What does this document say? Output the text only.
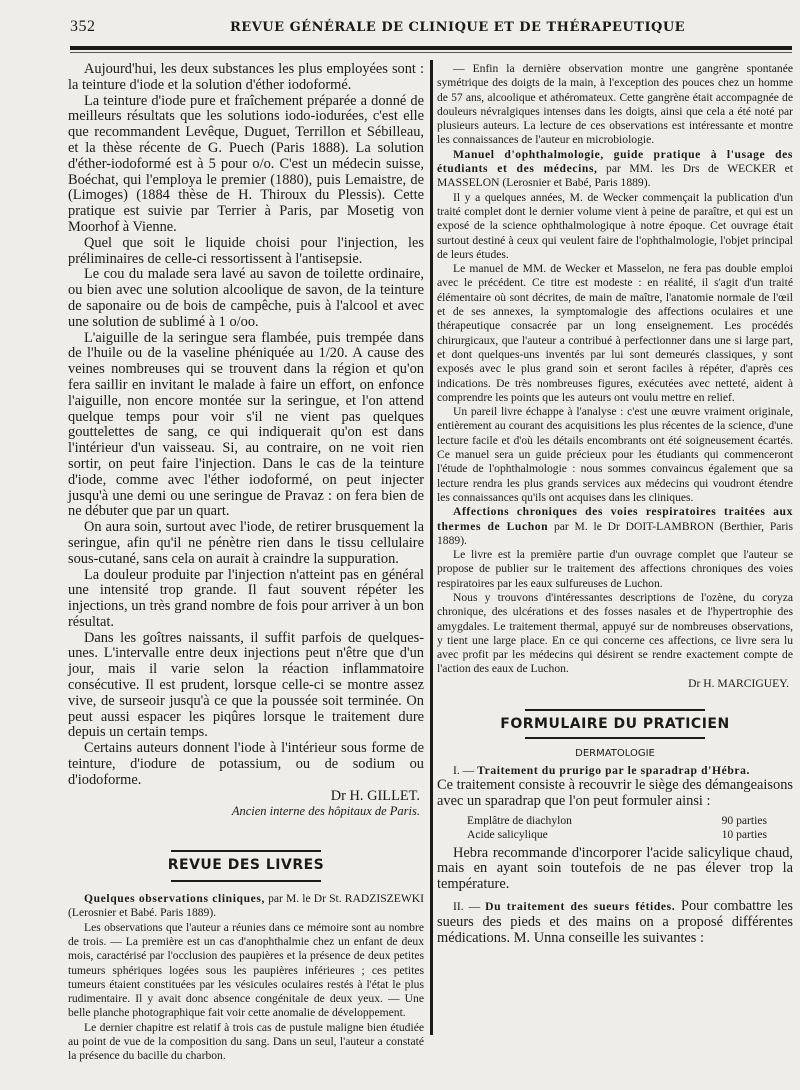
352	REVUE GÉNÉRALE DE CLINIQUE ET DE THÉRAPEUTIQUE

Aujourd'hui, les deux substances les plus employées sont : la teinture d'iode et la solution d'éther iodoformé.

La teinture d'iode pure et fraîchement préparée a donné de meilleurs résultats que les solutions iodo-iodurées, c'est elle que recommandent Levêque, Duguet, Terrillon et Sébilleau, et la thèse récente de G. Puech (Paris 1888). La solution d'éther-iodoformé est à 5 pour o/o. C'est un médecin suisse, Boéchat, qui l'employa le premier (1880), puis Lemaistre, de (Limoges) (1884 thèse de H. Thiroux du Plessis). Cette pratique est suivie par Terrier à Paris, par Mosetig von Moorhof à Vienne.

Quel que soit le liquide choisi pour l'injection, les préliminaires de celle-ci ressortissent à l'antisepsie.

Le cou du malade sera lavé au savon de toilette ordinaire, ou bien avec une solution alcoolique de savon, de la teinture de saponaire ou de bois de campêche, puis à l'alcool et avec une solution de sublimé à 1 o/oo.

L'aiguille de la seringue sera flambée, puis trempée dans de l'huile ou de la vaseline phéniquée au 1/20. A cause des veines nombreuses qui se trouvent dans la région et qu'on fera saillir en invitant le malade à faire un effort, on enfonce l'aiguille, non encore montée sur la seringue, et l'on attend quelque temps pour voir s'il ne vient pas quelques gouttelettes de sang, ce qui indiquerait qu'on est dans l'intérieur d'un vaisseau. Si, au contraire, on ne voit rien sortir, on peut faire l'injection. Dans le cas de la teinture d'iode, comme avec l'éther iodoformé, on peut injecter jusqu'à une demi ou une seringue de Pravaz : on fera bien de ne débuter que par un quart.

On aura soin, surtout avec l'iode, de retirer brusquement la seringue, afin qu'il ne pénètre rien dans le tissu cellulaire sous-cutané, sans cela on aurait à craindre la suppuration.

La douleur produite par l'injection n'atteint pas en général une intensité trop grande. Il faut souvent répéter les injections, un très grand nombre de fois pour arriver à un bon résultat.

Dans les goîtres naissants, il suffit parfois de quelques-unes. L'intervalle entre deux injections peut n'être que d'un jour, mais il varie selon la réaction inflammatoire consécutive. Il est prudent, lorsque celle-ci se montre assez vive, de surseoir jusqu'à ce que la poussée soit terminée. On peut aussi espacer les piqûres lorsque le traitement dure depuis un certain temps.

Certains auteurs donnent l'iode à l'intérieur sous forme de teinture, d'iodure de potassium, ou de sodium ou d'iodoforme.

Dr H. GILLET.
Ancien interne des hôpitaux de Paris.
REVUE DES LIVRES

Quelques observations cliniques, par M. le Dr St. RADZISZEWKI (Lerosnier et Babé. Paris 1889).

Les observations que l'auteur a réunies dans ce mémoire sont au nombre de trois. — La première est un cas d'anophthalmie chez un enfant de deux mois, caractérisé par l'occlusion des paupières et la présence de deux petites tumeurs sphériques logées sous les paupières inférieures ; ces petites tumeurs étaient constituées par les vésicules oculaires restés à l'état le plus rudimentaire. Il y avait donc absence congénitale de deux yeux. — Une belle planche photographique fait voir cette anomalie de développement.

Le dernier chapitre est relatif à trois cas de pustule maligne bien étudiée au point de vue de la composition du sang. Dans un seul, l'auteur a constaté la présence du bacille du charbon.

— Enfin la dernière observation montre une gangrène spontanée symétrique des doigts de la main, à l'exception des pouces chez un homme de 57 ans, alcoolique et athéromateux. Cette gangrène était accompagnée de douleurs névralgiques intenses dans les doigts, ainsi que cela a été noté par plusieurs auteurs. La lecture de ces observations est intéressante et montre les connaissances de l'auteur en microbiologie.

Manuel d'ophthalmologie, guide pratique à l'usage des étudiants et des médecins, par MM. les Drs de WECKER et MASSELON (Lerosnier et Babé, Paris 1889).

Il y a quelques années, M. de Wecker commençait la publication d'un traité complet dont le dernier volume vient à peine de paraître, et qui est un exposé de la science ophthalmologique à notre époque. Cet ouvrage était surtout destiné à ceux qui veulent faire de l'ophthalmologie, l'objet principal de leurs études.

Le manuel de MM. de Wecker et Masselon, ne fera pas double emploi avec le précédent. Ce titre est modeste : en réalité, il s'agit d'un traité élémentaire où sont décrites, de main de maître, l'anatomie normale de l'œil et de ses annexes, la symptomalogie des affections oculaires et une thérapeutique consacrée par un long enseignement. Les procédés chirurgicaux, que l'auteur a contribué à perfectionner dans une si large part, et dont quelques-uns inventés par lui sont demeurés classiques, y sont exposés avec le plus grand soin et seront faciles à répéter, d'après ces indications. De très nombreuses figures, exécutées avec netteté, aident à comprendre les points que les auteurs ont voulu mettre en relief.

Un pareil livre échappe à l'analyse : c'est une œuvre vraiment originale, entièrement au courant des acquisitions les plus récentes de la science, d'une lecture facile et d'où les détails encombrants ont été soigneusement écartés. Ce manuel sera un guide précieux pour les étudiants qui commenceront l'étude de l'ophthalmologie : nous sommes convaincus également que sa lecture rendra les plus grands services aux médecins qui voudront étendre les connaissances qu'ils ont acquises dans les cliniques.

Affections chroniques des voies respiratoires traitées aux thermes de Luchon par M. le Dr DOIT-LAMBRON (Berthier, Paris 1889).

Le livre est la première partie d'un ouvrage complet que l'auteur se propose de publier sur le traitement des affections chroniques des voies respiratoires par les eaux sulfureuses de Luchon.

Nous y trouvons d'intéressantes descriptions de l'ozène, du coryza chronique, des ulcérations et des fosses nasales et de l'hypertrophie des amygdales. Le traitement thermal, appuyé sur de nombreuses observations, y tient une large place. En ce qui concerne ces affections, ce livre sera lu avec profit par les médecins qui désirent se rendre exactement compte de l'action des eaux de Luchon.

Dr H. MARCIGUEY.
FORMULAIRE DU PRATICIEN
DERMATOLOGIE

I. — Traitement du prurigo par le sparadrap d'Hébra.

Ce traitement consiste à recouvrir le siège des démangeaisons avec un sparadrap que l'on peut formuler ainsi :

Emplâtre de diachylon	90 parties
Acide salicylique	10 parties

Hebra recommande d'incorporer l'acide salicylique chaud, mais en ayant soin toutefois de ne pas élever trop la température.

II. — Du traitement des sueurs fétides. Pour combattre les sueurs des pieds et des mains on a proposé différentes médications. M. Unna conseille les suivantes :
